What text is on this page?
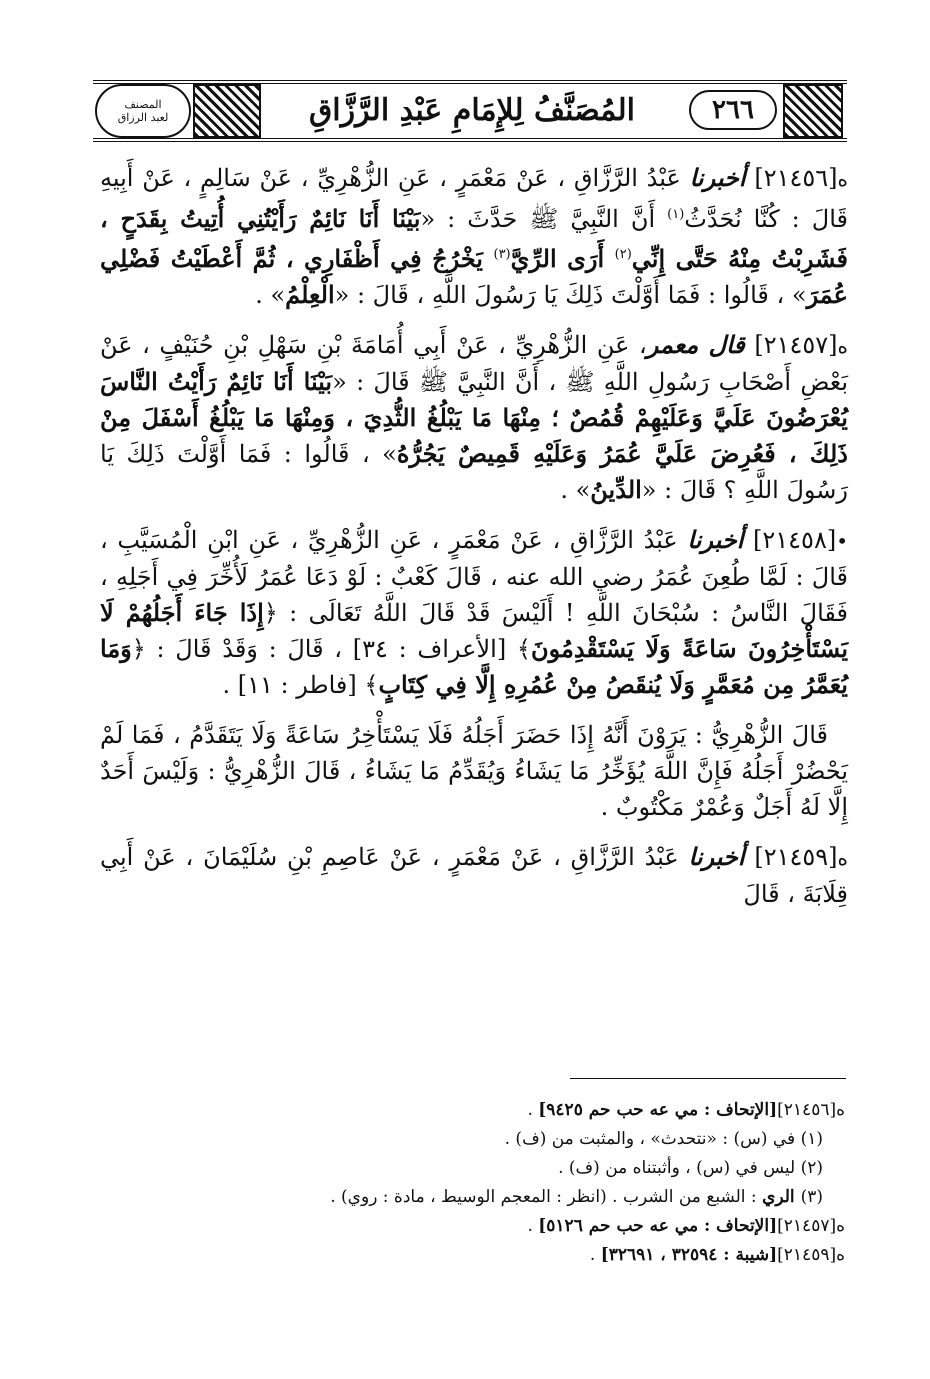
المصنف
لعبد الرزاق	المُصَنَّفُ لِلإِمَامِ عَبْدِ الرَّزَّاقِ	٢٦٦

ه[٢١٤٥٦] أخبرنا عَبْدُ الرَّزَّاقِ ، عَنْ مَعْمَرٍ ، عَنِ الزُّهْرِيِّ ، عَنْ سَالِمٍ ، عَنْ أَبِيهِ قَالَ : كُنَّا نُحَدَّثُ$^{(١)}$ أَنَّ النَّبِيَّ ﷺ حَدَّثَ : «بَيْنَا أَنَا نَائِمٌ رَأَيْتُنِي أُتِيتُ بِقَدَحٍ ، فَشَرِبْتُ مِنْهُ حَتَّى إِنِّي$^{(٢)}$ أَرَى الرِّيَّ$^{(٣)}$ يَخْرُجُ فِي أَظْفَارِي ، ثُمَّ أَعْطَيْتُ فَضْلِي عُمَرَ» ، قَالُوا : فَمَا أَوَّلْتَ ذَلِكَ يَا رَسُولَ اللَّهِ ، قَالَ : «الْعِلْمُ» .

ه[٢١٤٥٧] قال معمر، عَنِ الزُّهْرِيِّ ، عَنْ أَبِي أُمَامَةَ بْنِ سَهْلِ بْنِ حُنَيْفٍ ، عَنْ بَعْضِ أَصْحَابِ رَسُولِ اللَّهِ ﷺ ، أَنَّ النَّبِيَّ ﷺ قَالَ : «بَيْنَا أَنَا نَائِمٌ رَأَيْتُ النَّاسَ يُعْرَضُونَ عَلَيَّ وَعَلَيْهِمْ قُمُصٌ ؛ مِنْهَا مَا يَبْلُغُ الثُّدِيَ ، وَمِنْهَا مَا يَبْلُغُ أَسْفَلَ مِنْ ذَلِكَ ، فَعُرِضَ عَلَيَّ عُمَرُ وَعَلَيْهِ قَمِيصٌ يَجُرُّهُ» ، قَالُوا : فَمَا أَوَّلْتَ ذَلِكَ يَا رَسُولَ اللَّهِ ؟ قَالَ : «الدِّينُ» .

•[٢١٤٥٨] أخبرنا عَبْدُ الرَّزَّاقِ ، عَنْ مَعْمَرٍ ، عَنِ الزُّهْرِيِّ ، عَنِ ابْنِ الْمُسَيَّبِ ، قَالَ : لَمَّا طُعِنَ عُمَرُ رضي الله عنه ، قَالَ كَعْبٌ : لَوْ دَعَا عُمَرُ لَأُخِّرَ فِي أَجَلِهِ ، فَقَالَ النَّاسُ : سُبْحَانَ اللَّهِ ! أَلَيْسَ قَدْ قَالَ اللَّهُ تَعَالَى : ﴿إِذَا جَاءَ أَجَلُهُمْ لَا يَسْتَأْخِرُونَ سَاعَةً وَلَا يَسْتَقْدِمُونَ﴾ [الأعراف : ٣٤] ، قَالَ : وَقَدْ قَالَ : ﴿وَمَا يُعَمَّرُ مِن مُعَمَّرٍ وَلَا يُنقَصُ مِنْ عُمُرِهِ إِلَّا فِي كِتَابٍ﴾ [فاطر : ١١] .

قَالَ الزُّهْرِيُّ : يَرَوْنَ أَنَّهُ إِذَا حَضَرَ أَجَلُهُ فَلَا يَسْتَأْخِرُ سَاعَةً وَلَا يَتَقَدَّمُ ، فَمَا لَمْ يَحْضُرْ أَجَلُهُ فَإِنَّ اللَّهَ يُؤَخِّرُ مَا يَشَاءُ وَيُقَدِّمُ مَا يَشَاءُ ، قَالَ الزُّهْرِيُّ : وَلَيْسَ أَحَدٌ إِلَّا لَهُ أَجَلٌ وَعُمْرٌ مَكْتُوبٌ .

ه[٢١٤٥٩] أخبرنا عَبْدُ الرَّزَّاقِ ، عَنْ مَعْمَرٍ ، عَنْ عَاصِمِ بْنِ سُلَيْمَانَ ، عَنْ أَبِي قِلَابَةَ ، قَالَ

ه[٢١٤٥٦][الإتحاف : مي عه حب حم ٩٤٢٥] .

(١) في (س) : «نتحدث» ، والمثبت من (ف) .

(٢) ليس في (س) ، وأثبتناه من (ف) .

(٣) الري : الشبع من الشرب . (انظر : المعجم الوسيط ، مادة : روي) .

ه[٢١٤٥٧][الإتحاف : مي عه حب حم ٥١٢٦] .

ه[٢١٤٥٩][شيبة : ٣٢٥٩٤ ، ٣٢٦٩١] .
